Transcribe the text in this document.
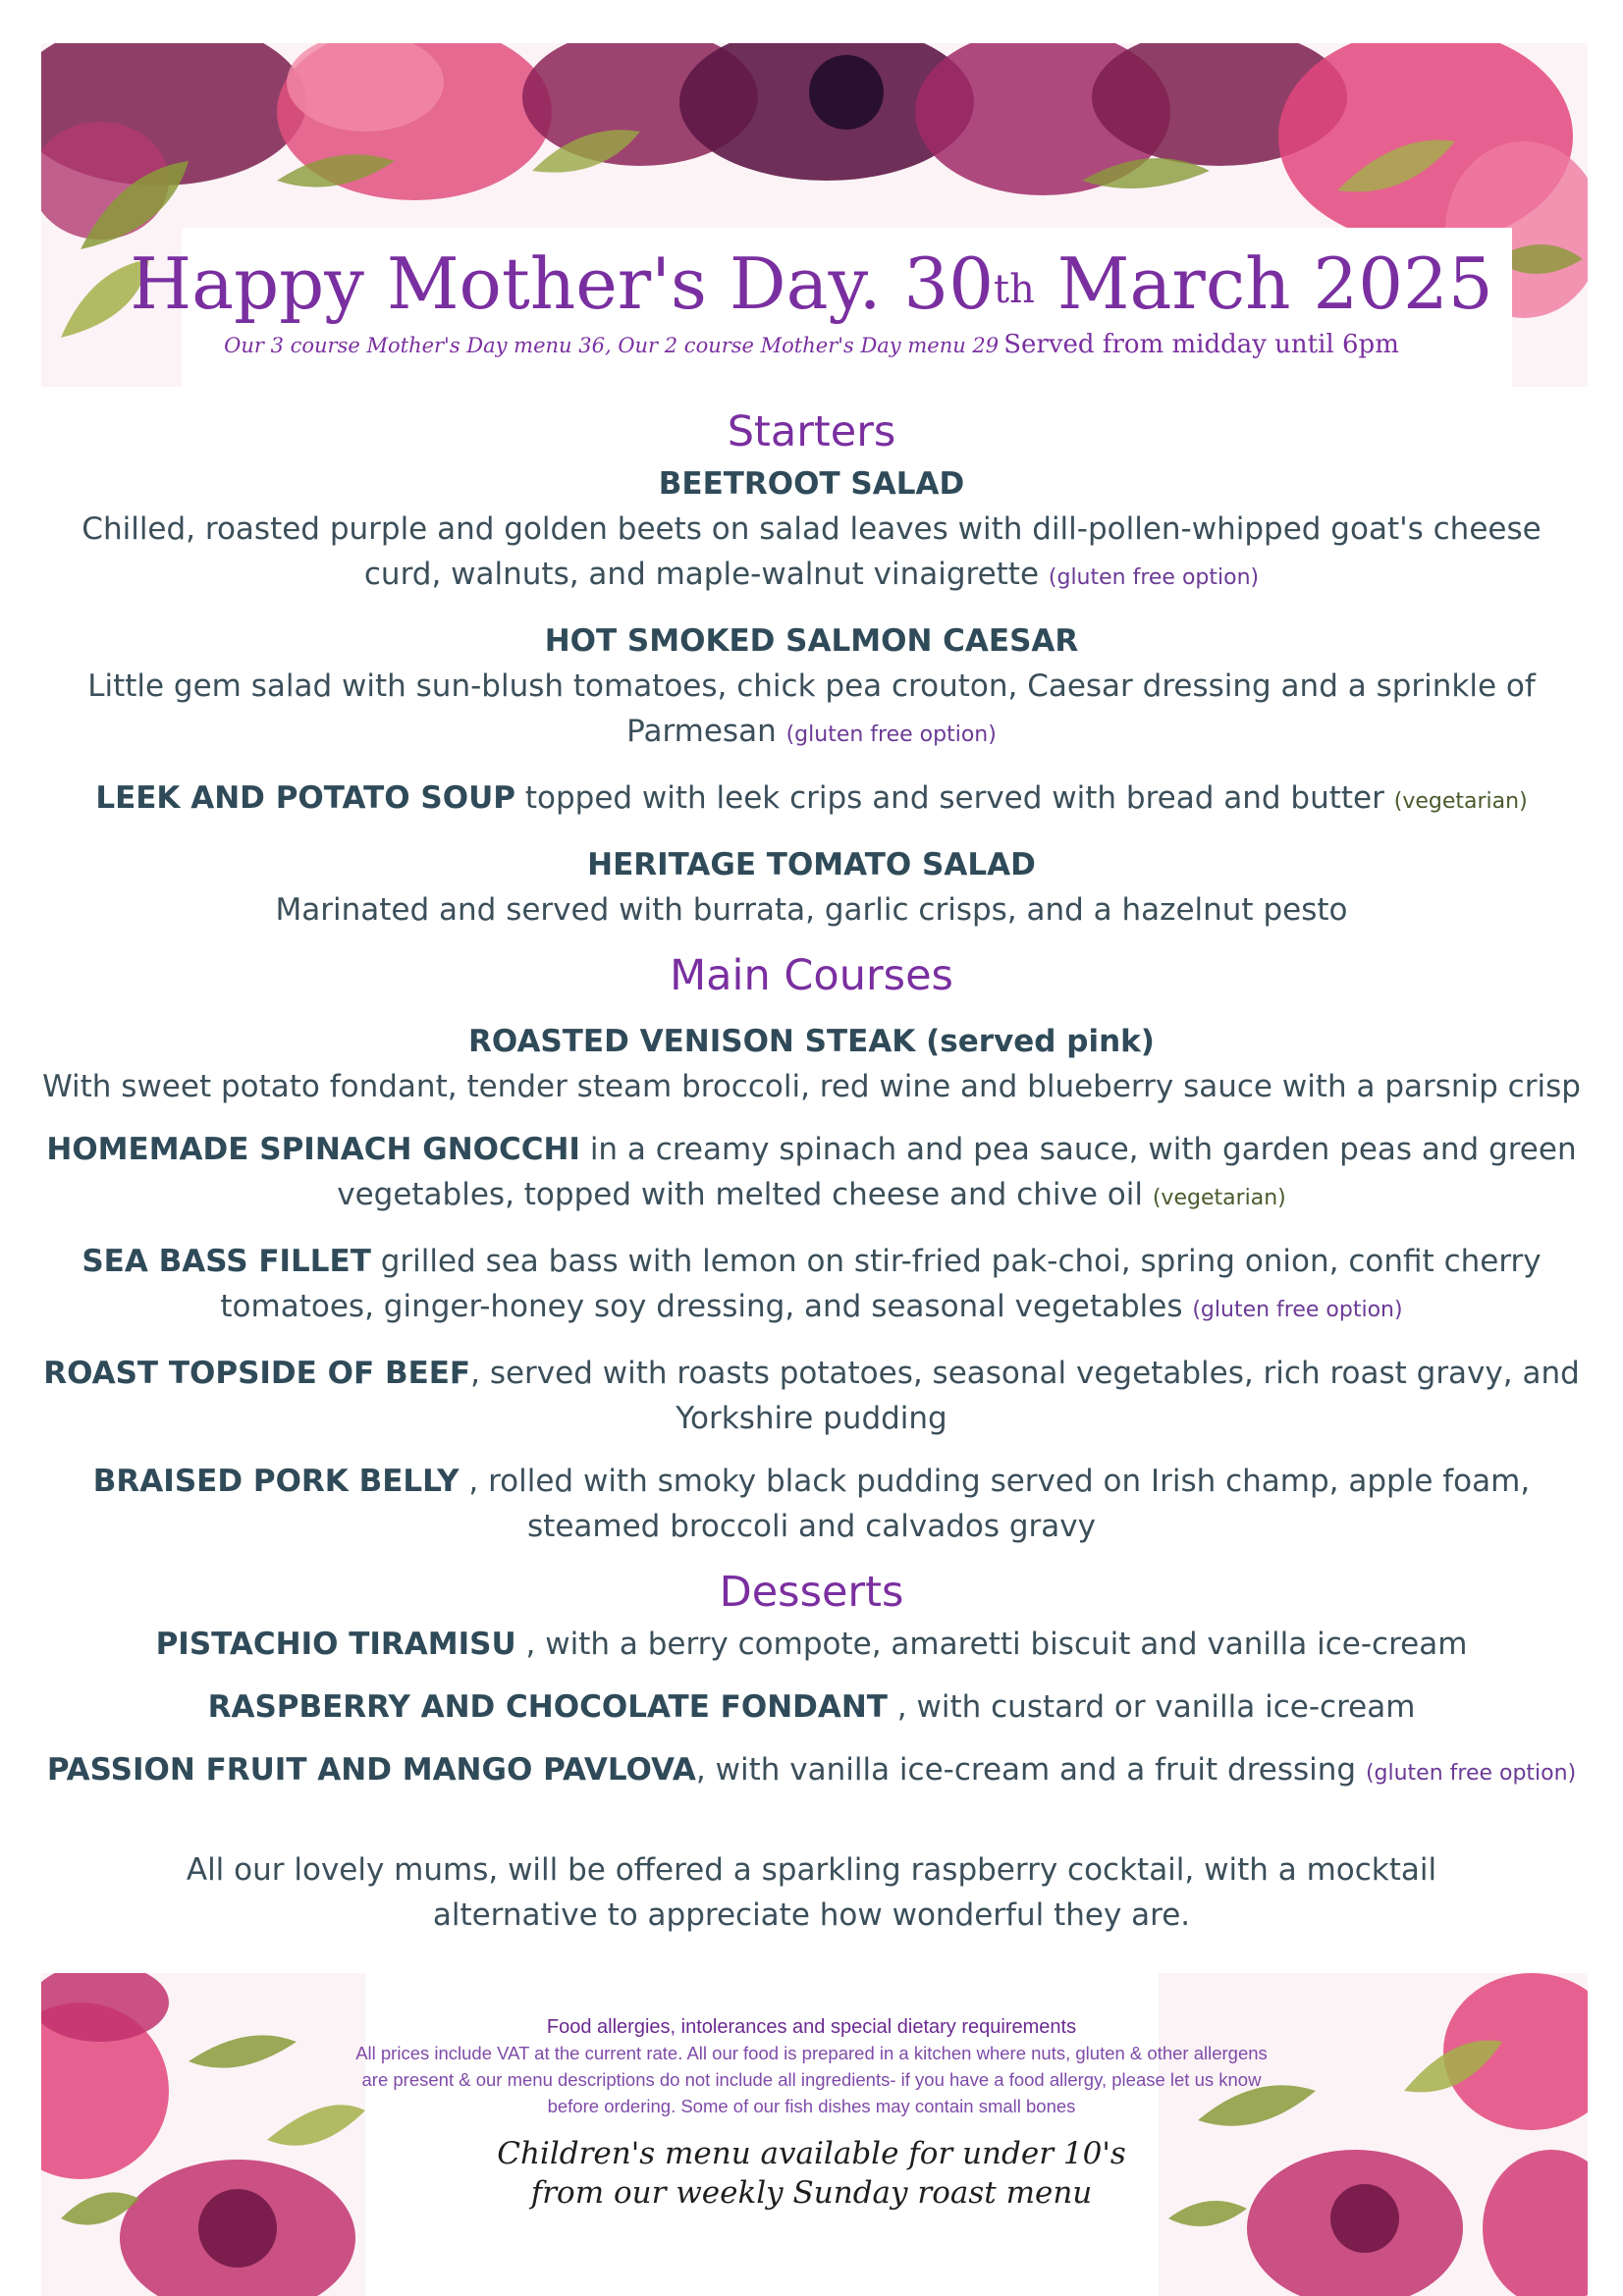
Happy Mother's Day. 30th March 2025
Our 3 course Mother's Day menu 36, Our 2 course Mother's Day menu 29 Served from midday until 6pm
Starters
BEETROOT SALAD
Chilled, roasted purple and golden beets on salad leaves with dill-pollen-whipped goat's cheese curd, walnuts, and maple-walnut vinaigrette (gluten free option)
HOT SMOKED SALMON CAESAR
Little gem salad with sun-blush tomatoes, chick pea crouton, Caesar dressing and a sprinkle of Parmesan (gluten free option)
LEEK AND POTATO SOUP topped with leek crips and served with bread and butter (vegetarian)
HERITAGE TOMATO SALAD
Marinated and served with burrata, garlic crisps, and a hazelnut pesto
Main Courses
ROASTED VENISON STEAK (served pink)
With sweet potato fondant, tender steam broccoli, red wine and blueberry sauce with a parsnip crisp
HOMEMADE SPINACH GNOCCHI in a creamy spinach and pea sauce, with garden peas and green vegetables, topped with melted cheese and chive oil (vegetarian)
SEA BASS FILLET grilled sea bass with lemon on stir-fried pak-choi, spring onion, confit cherry tomatoes, ginger-honey soy dressing, and seasonal vegetables (gluten free option)
ROAST TOPSIDE OF BEEF, served with roasts potatoes, seasonal vegetables, rich roast gravy, and Yorkshire pudding
BRAISED PORK BELLY , rolled with smoky black pudding served on Irish champ, apple foam, steamed broccoli and calvados gravy
Desserts
PISTACHIO TIRAMISU , with a berry compote, amaretti biscuit and vanilla ice-cream
RASPBERRY AND CHOCOLATE FONDANT , with custard or vanilla ice-cream
PASSION FRUIT AND MANGO PAVLOVA, with vanilla ice-cream and a fruit dressing (gluten free option)
All our lovely mums, will be offered a sparkling raspberry cocktail, with a mocktail alternative to appreciate how wonderful they are.
Food allergies, intolerances and special dietary requirements
All prices include VAT at the current rate. All our food is prepared in a kitchen where nuts, gluten & other allergens
are present & our menu descriptions do not include all ingredients- if you have a food allergy, please let us know
before ordering. Some of our fish dishes may contain small bones
Children's menu available for under 10's
from our weekly Sunday roast menu
